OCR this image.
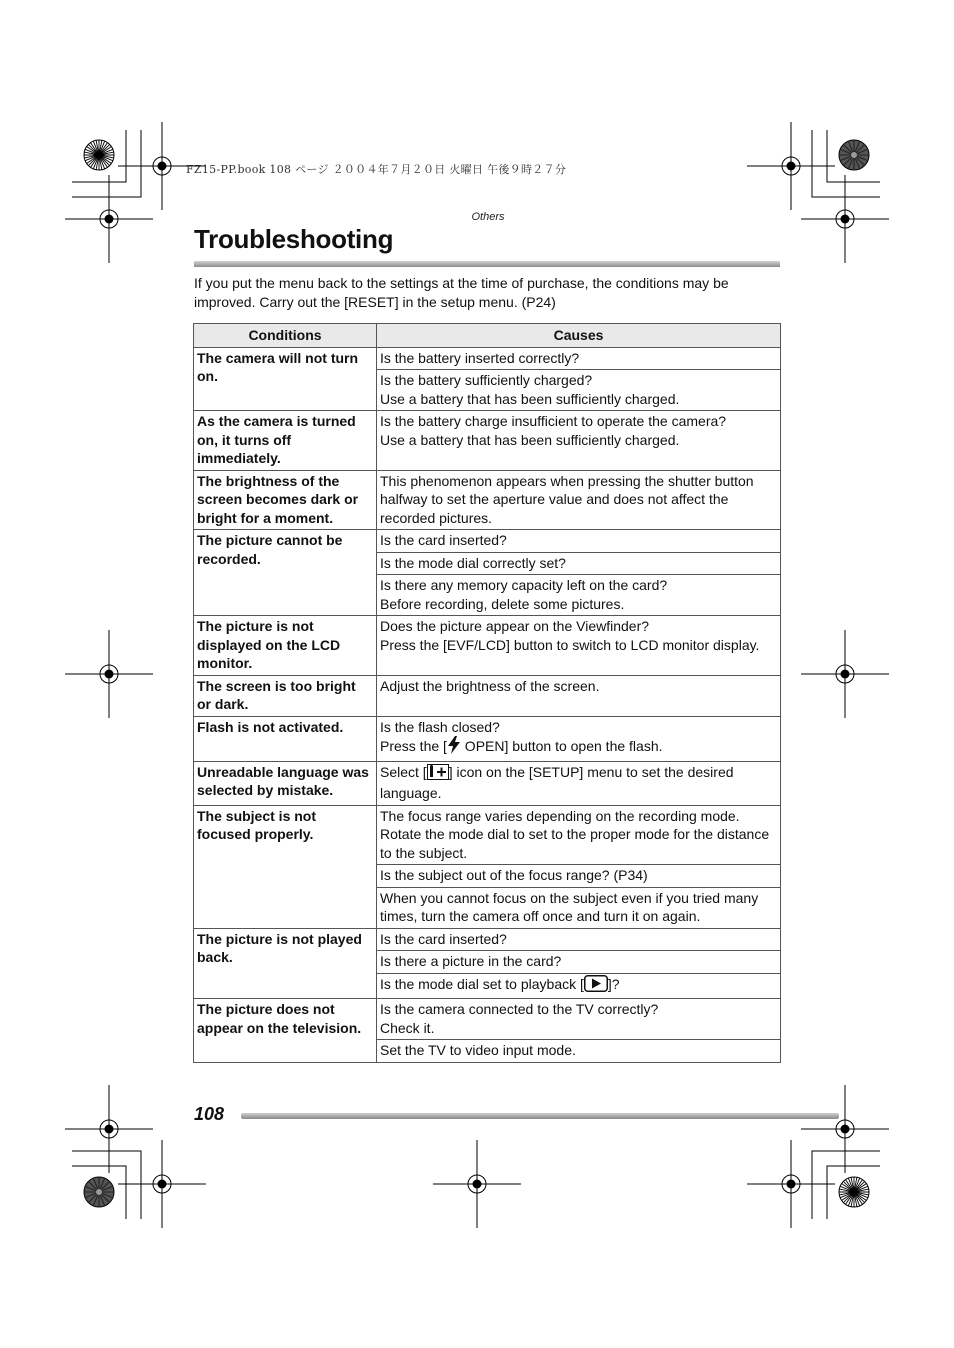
FZ15-PP.book 108 ページ ２００４年７月２０日 火曜日 午後９時２７分
Others
Troubleshooting

If you put the menu back to the settings at the time of purchase, the conditions may be improved. Carry out the [RESET] in the setup menu. (P24)

Conditions	Causes
The camera will not turn on.	Is the battery inserted correctly?

	Is the battery sufficiently charged?
Use a battery that has been sufficiently charged.

As the camera is turned on, it turns off immediately.	Is the battery charge insufficient to operate the camera?
Use a battery that has been sufficiently charged.

The brightness of the screen becomes dark or bright for a moment.	This phenomenon appears when pressing the shutter button halfway to set the aperture value and does not affect the recorded pictures.

The picture cannot be recorded.	Is the card inserted?

	Is the mode dial correctly set?

	Is there any memory capacity left on the card?
Before recording, delete some pictures.

The picture is not displayed on the LCD monitor.	Does the picture appear on the Viewfinder?
Press the [EVF/LCD] button to switch to LCD monitor display.

The screen is too bright or dark.	Adjust the brightness of the screen.

Flash is not activated.	Is the flash closed?
Press the [ OPEN] button to open the flash.

Unreadable language was selected by mistake.	Select [ ] icon on the [SETUP] menu to set the desired language.

The subject is not focused properly.	The focus range varies depending on the recording mode.
Rotate the mode dial to set to the proper mode for the distance to the subject.

	Is the subject out of the focus range? (P34)

	When you cannot focus on the subject even if you tried many times, turn the camera off once and turn it on again.

The picture is not played back.	Is the card inserted?

	Is there a picture in the card?

	Is the mode dial set to playback [ ]?

The picture does not appear on the television.	Is the camera connected to the TV correctly?
Check it.

	Set the TV to video input mode.
108
